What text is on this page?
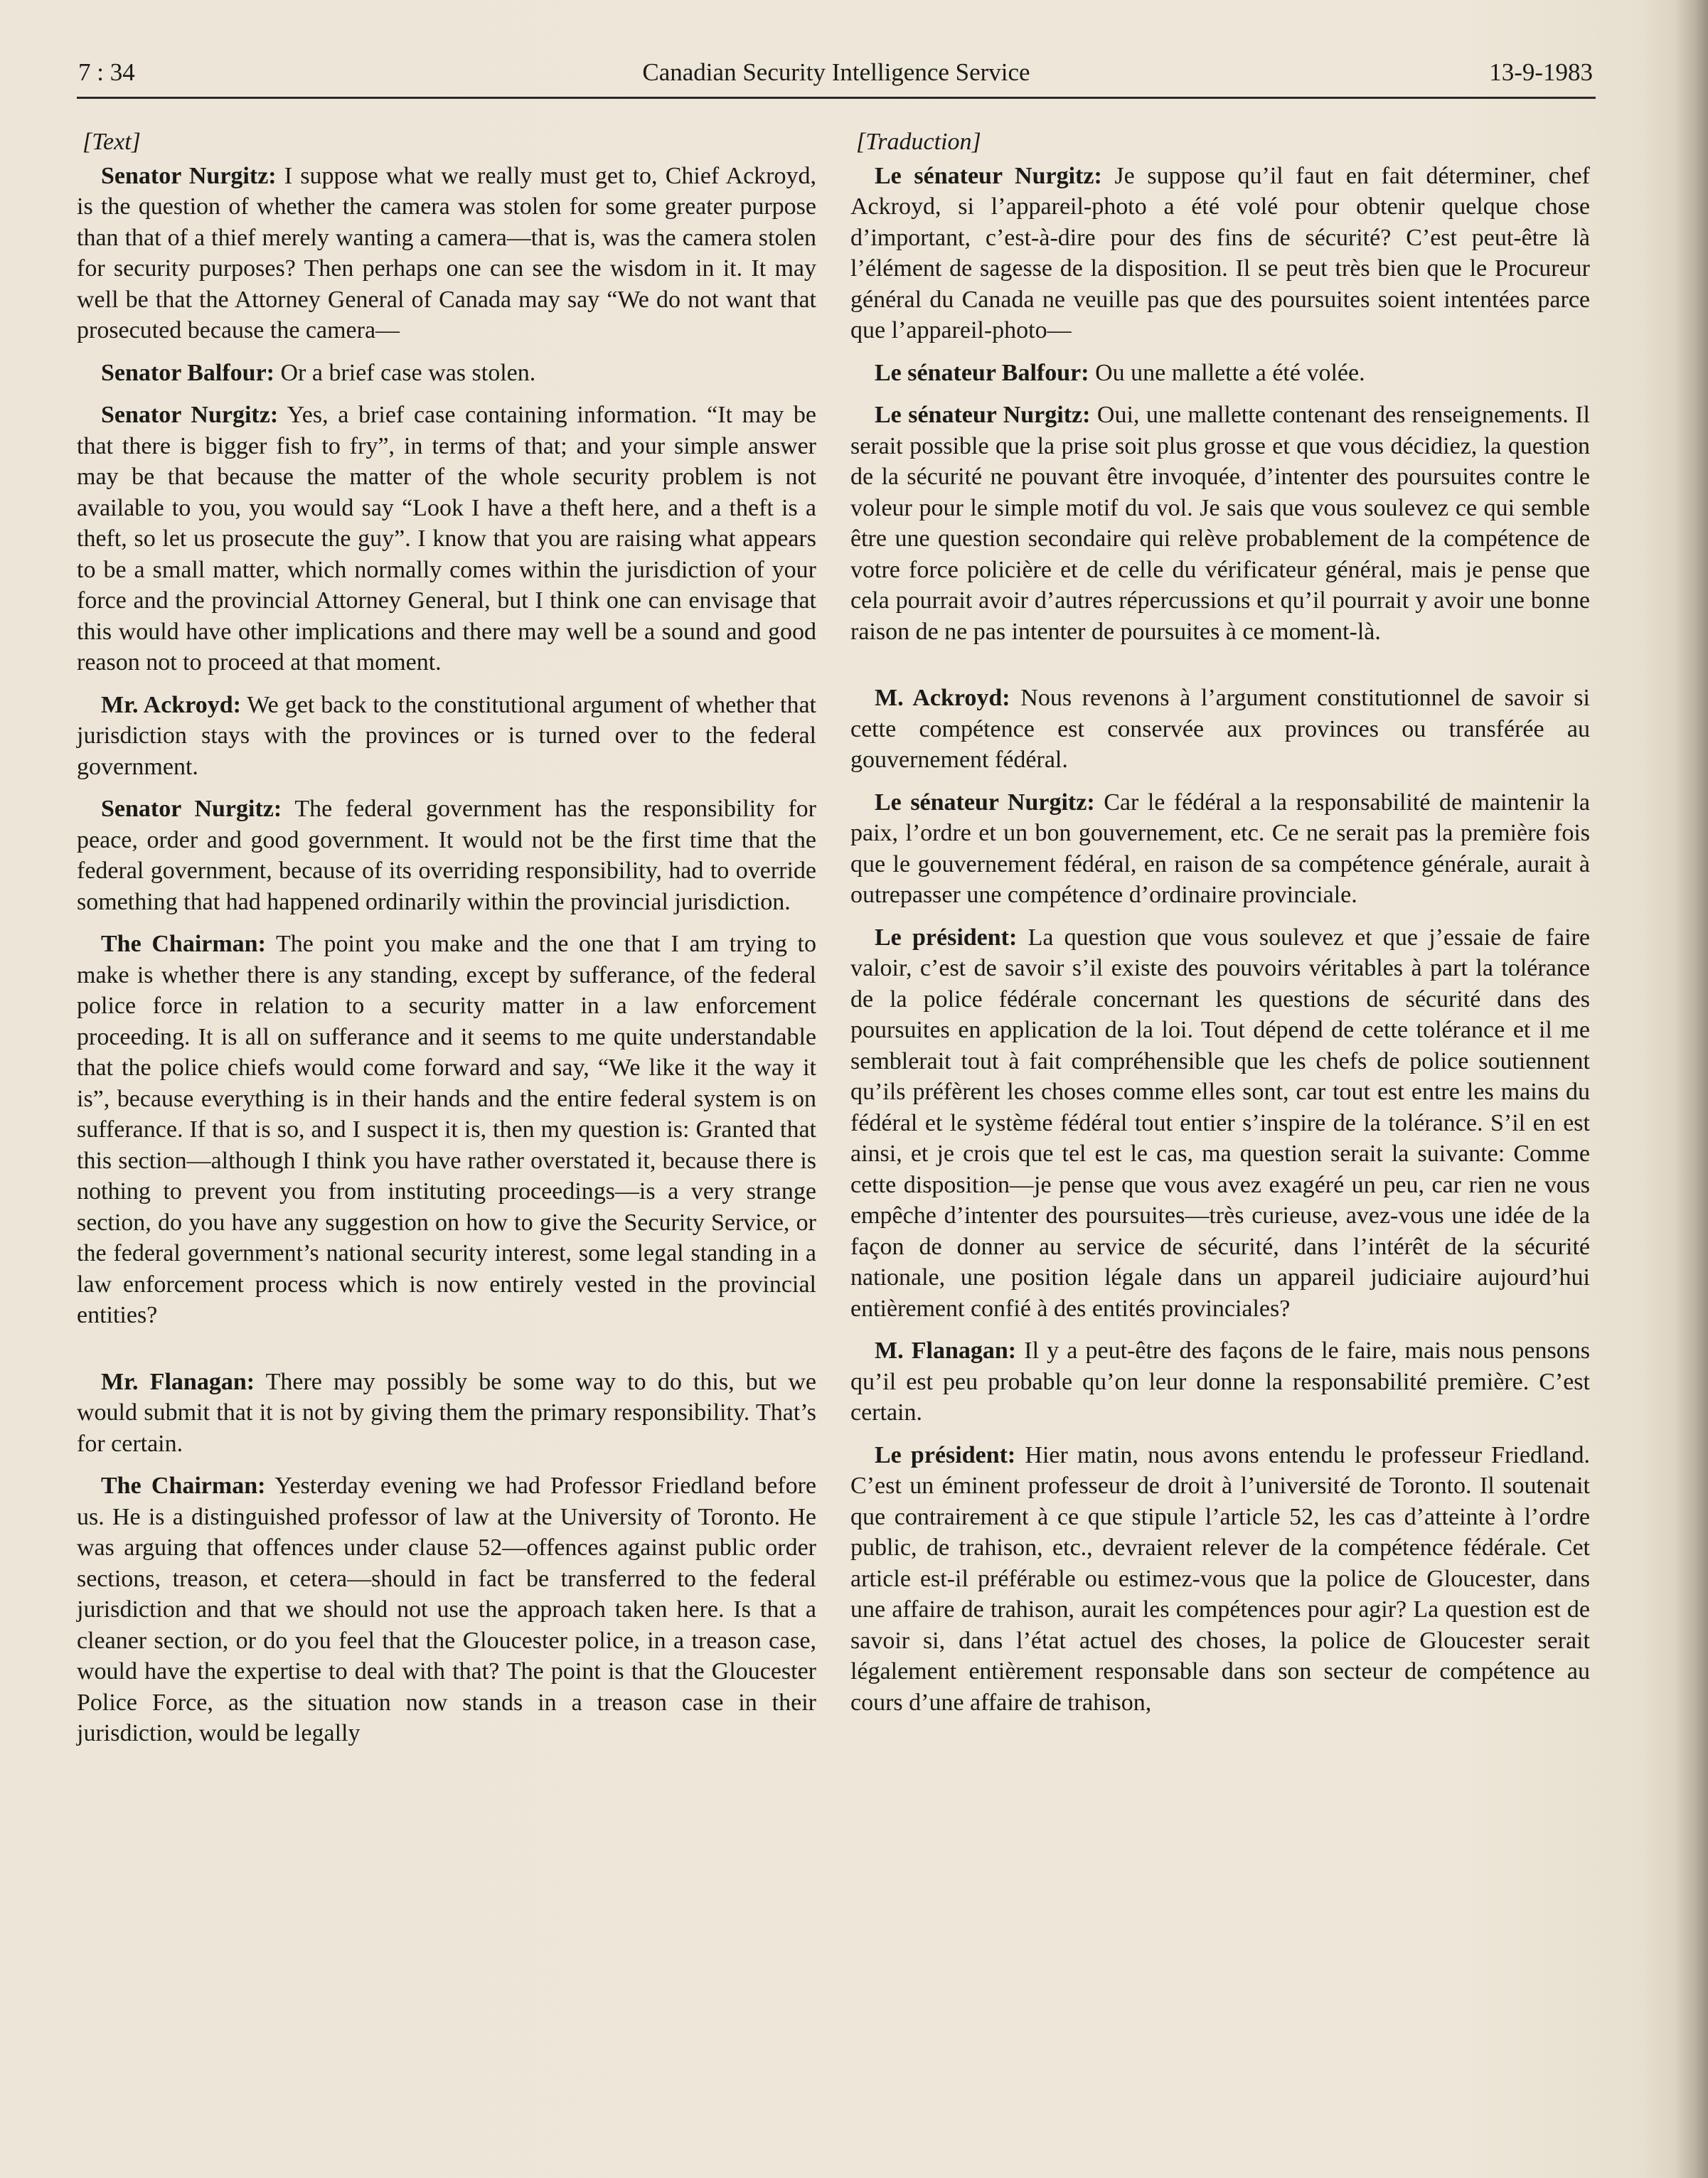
7 : 34	Canadian Security Intelligence Service	13-9-1983
[Text]

Senator Nurgitz: I suppose what we really must get to, Chief Ackroyd, is the question of whether the camera was stolen for some greater purpose than that of a thief merely wanting a camera—that is, was the camera stolen for security purposes? Then perhaps one can see the wisdom in it. It may well be that the Attorney General of Canada may say “We do not want that prosecuted because the camera—

Senator Balfour: Or a brief case was stolen.

Senator Nurgitz: Yes, a brief case containing information. “It may be that there is bigger fish to fry”, in terms of that; and your simple answer may be that because the matter of the whole security problem is not available to you, you would say “Look I have a theft here, and a theft is a theft, so let us prosecute the guy”. I know that you are raising what appears to be a small matter, which normally comes within the jurisdiction of your force and the provincial Attorney General, but I think one can envisage that this would have other implications and there may well be a sound and good reason not to proceed at that moment.

Mr. Ackroyd: We get back to the constitutional argument of whether that jurisdiction stays with the provinces or is turned over to the federal government.

Senator Nurgitz: The federal government has the responsibility for peace, order and good government. It would not be the first time that the federal government, because of its overriding responsibility, had to override something that had happened ordinarily within the provincial jurisdiction.

The Chairman: The point you make and the one that I am trying to make is whether there is any standing, except by sufferance, of the federal police force in relation to a security matter in a law enforcement proceeding. It is all on sufferance and it seems to me quite understandable that the police chiefs would come forward and say, “We like it the way it is”, because everything is in their hands and the entire federal system is on sufferance. If that is so, and I suspect it is, then my question is: Granted that this section—although I think you have rather overstated it, because there is nothing to prevent you from instituting proceedings—is a very strange section, do you have any suggestion on how to give the Security Service, or the federal government’s national security interest, some legal standing in a law enforcement process which is now entirely vested in the provincial entities?

Mr. Flanagan: There may possibly be some way to do this, but we would submit that it is not by giving them the primary responsibility. That’s for certain.

The Chairman: Yesterday evening we had Professor Friedland before us. He is a distinguished professor of law at the University of Toronto. He was arguing that offences under clause 52—offences against public order sections, treason, et cetera—should in fact be transferred to the federal jurisdiction and that we should not use the approach taken here. Is that a cleaner section, or do you feel that the Gloucester police, in a treason case, would have the expertise to deal with that? The point is that the Gloucester Police Force, as the situation now stands in a treason case in their jurisdiction, would be legally

[Traduction]

Le sénateur Nurgitz: Je suppose qu’il faut en fait déterminer, chef Ackroyd, si l’appareil-photo a été volé pour obtenir quelque chose d’important, c’est-à-dire pour des fins de sécurité? C’est peut-être là l’élément de sagesse de la disposition. Il se peut très bien que le Procureur général du Canada ne veuille pas que des poursuites soient intentées parce que l’appareil-photo—

Le sénateur Balfour: Ou une mallette a été volée.

Le sénateur Nurgitz: Oui, une mallette contenant des renseignements. Il serait possible que la prise soit plus grosse et que vous décidiez, la question de la sécurité ne pouvant être invoquée, d’intenter des poursuites contre le voleur pour le simple motif du vol. Je sais que vous soulevez ce qui semble être une question secondaire qui relève probablement de la compétence de votre force policière et de celle du vérificateur général, mais je pense que cela pourrait avoir d’autres répercussions et qu’il pourrait y avoir une bonne raison de ne pas intenter de poursuites à ce moment-là.

M. Ackroyd: Nous revenons à l’argument constitutionnel de savoir si cette compétence est conservée aux provinces ou transférée au gouvernement fédéral.

Le sénateur Nurgitz: Car le fédéral a la responsabilité de maintenir la paix, l’ordre et un bon gouvernement, etc. Ce ne serait pas la première fois que le gouvernement fédéral, en raison de sa compétence générale, aurait à outrepasser une compétence d’ordinaire provinciale.

Le président: La question que vous soulevez et que j’essaie de faire valoir, c’est de savoir s’il existe des pouvoirs véritables à part la tolérance de la police fédérale concernant les questions de sécurité dans des poursuites en application de la loi. Tout dépend de cette tolérance et il me semblerait tout à fait compréhensible que les chefs de police soutiennent qu’ils préfèrent les choses comme elles sont, car tout est entre les mains du fédéral et le système fédéral tout entier s’inspire de la tolérance. S’il en est ainsi, et je crois que tel est le cas, ma question serait la suivante: Comme cette disposition—je pense que vous avez exagéré un peu, car rien ne vous empêche d’intenter des poursuites—très curieuse, avez-vous une idée de la façon de donner au service de sécurité, dans l’intérêt de la sécurité nationale, une position légale dans un appareil judiciaire aujourd’hui entièrement confié à des entités provinciales?

M. Flanagan: Il y a peut-être des façons de le faire, mais nous pensons qu’il est peu probable qu’on leur donne la responsabilité première. C’est certain.

Le président: Hier matin, nous avons entendu le professeur Friedland. C’est un éminent professeur de droit à l’université de Toronto. Il soutenait que contrairement à ce que stipule l’article 52, les cas d’atteinte à l’ordre public, de trahison, etc., devraient relever de la compétence fédérale. Cet article est-il préférable ou estimez-vous que la police de Gloucester, dans une affaire de trahison, aurait les compétences pour agir? La question est de savoir si, dans l’état actuel des choses, la police de Gloucester serait légalement entièrement responsable dans son secteur de compétence au cours d’une affaire de trahison,
